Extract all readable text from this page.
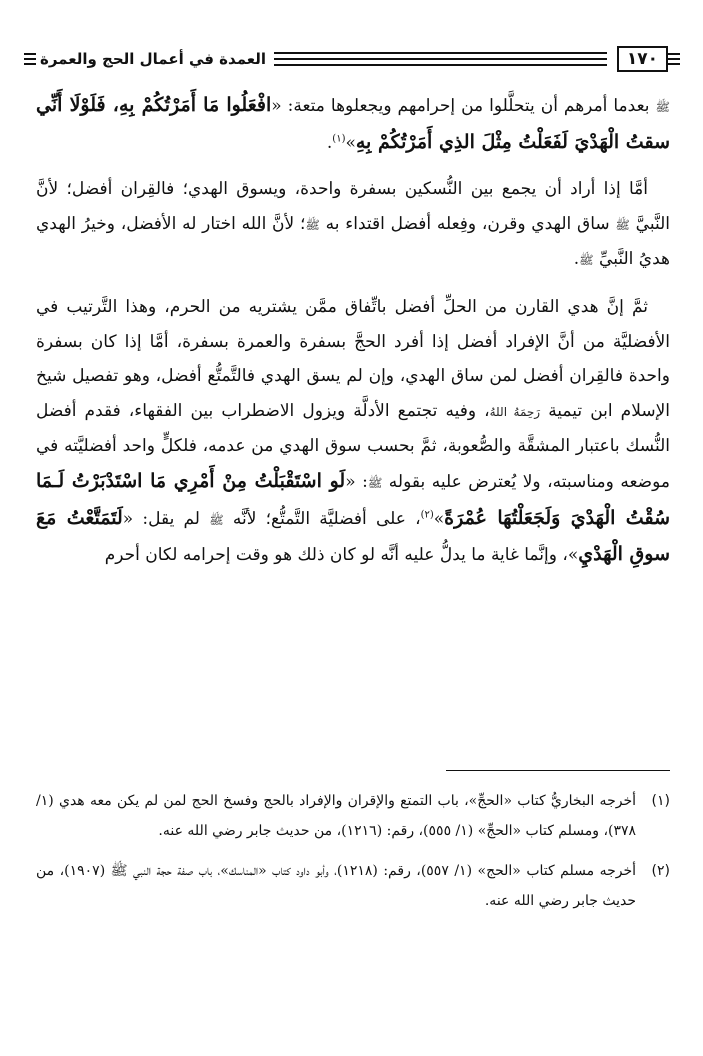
١٧٠
العمدة في أعمال الحج والعمرة

ﷺ بعدما أمرهم أن يتحلَّلوا من إحرامهم ويجعلوها متعة: «افْعَلُوا مَا أَمَرْتُكُمْ بِهِ، فَلَوْلَا أَنِّي سقتُ الْهَدْيَ لَفَعَلْتُ مِثْلَ الذِي أَمَرْتُكُمْ بِهِ»$^{(١)}$.

أمَّا إذا أراد أن يجمع بين النُّسكين بسفرة واحدة، ويسوق الهدي؛ فالقِران أفضل؛ لأنَّ النَّبيَّ ﷺ ساق الهدي وقرن، وفِعله أفضل اقتداء به ﷺ؛ لأنَّ الله اختار له الأفضل، وخيرُ الهدي هديُ النَّبيِّ ﷺ.

ثمَّ إنَّ هدي القارن من الحلِّ أفضل باتِّفاق ممَّن يشتريه من الحرم، وهذا التَّرتيب في الأفضليَّة من أنَّ الإفراد أفضل إذا أفرد الحجَّ بسفرة والعمرة بسفرة، أمَّا إذا كان بسفرة واحدة فالقِران أفضل لمن ساق الهدي، وإن لم يسق الهدي فالتَّمتُّع أفضل، وهو تفصيل شيخ الإسلام ابن تيمية رَحِمَهُ اللهُ، وفيه تجتمع الأدلَّة ويزول الاضطراب بين الفقهاء، فقدم أفضل النُّسك باعتبار المشقَّة والصُّعوبة، ثمَّ بحسب سوق الهدي من عدمه، فلكلٍّ واحد أفضليَّته في موضعه ومناسبته، ولا يُعترض عليه بقوله ﷺ: «لَو اسْتَقْبَلْتُ مِنْ أَمْرِي مَا اسْتَدْبَرْتُ لَـمَا سُقْتُ الْهَدْيَ وَلَجَعَلْتُهَا عُمْرَةً»$^{(٢)}$، على أفضليَّة التَّمتُّع؛ لأنَّه ﷺ لم يقل: «لَتَمَتَّعْتُ مَعَ سوقِ الْهَدْيِ»، وإنَّما غاية ما يدلُّ عليه أنَّه لو كان ذلك هو وقت إحرامه لكان أحرم

(١)
أخرجه البخاريُّ كتاب «الحجِّ»، باب التمتع والإقران والإفراد بالحج وفسخ الحج لمن لم يكن معه هدي (١/ ٣٧٨)، ومسلم كتاب «الحجِّ» (١/ ٥٥٥)، رقم: (١٢١٦)، من حديث جابر رضي الله عنه.
(٢)
أخرجه مسلم كتاب «الحج» (١/ ٥٥٧)، رقم: (١٢١٨)، وأبو داود كتاب «المناسك»، باب صفة حجة النبي ﷺ (١٩٠٧)، من حديث جابر رضي الله عنه.
